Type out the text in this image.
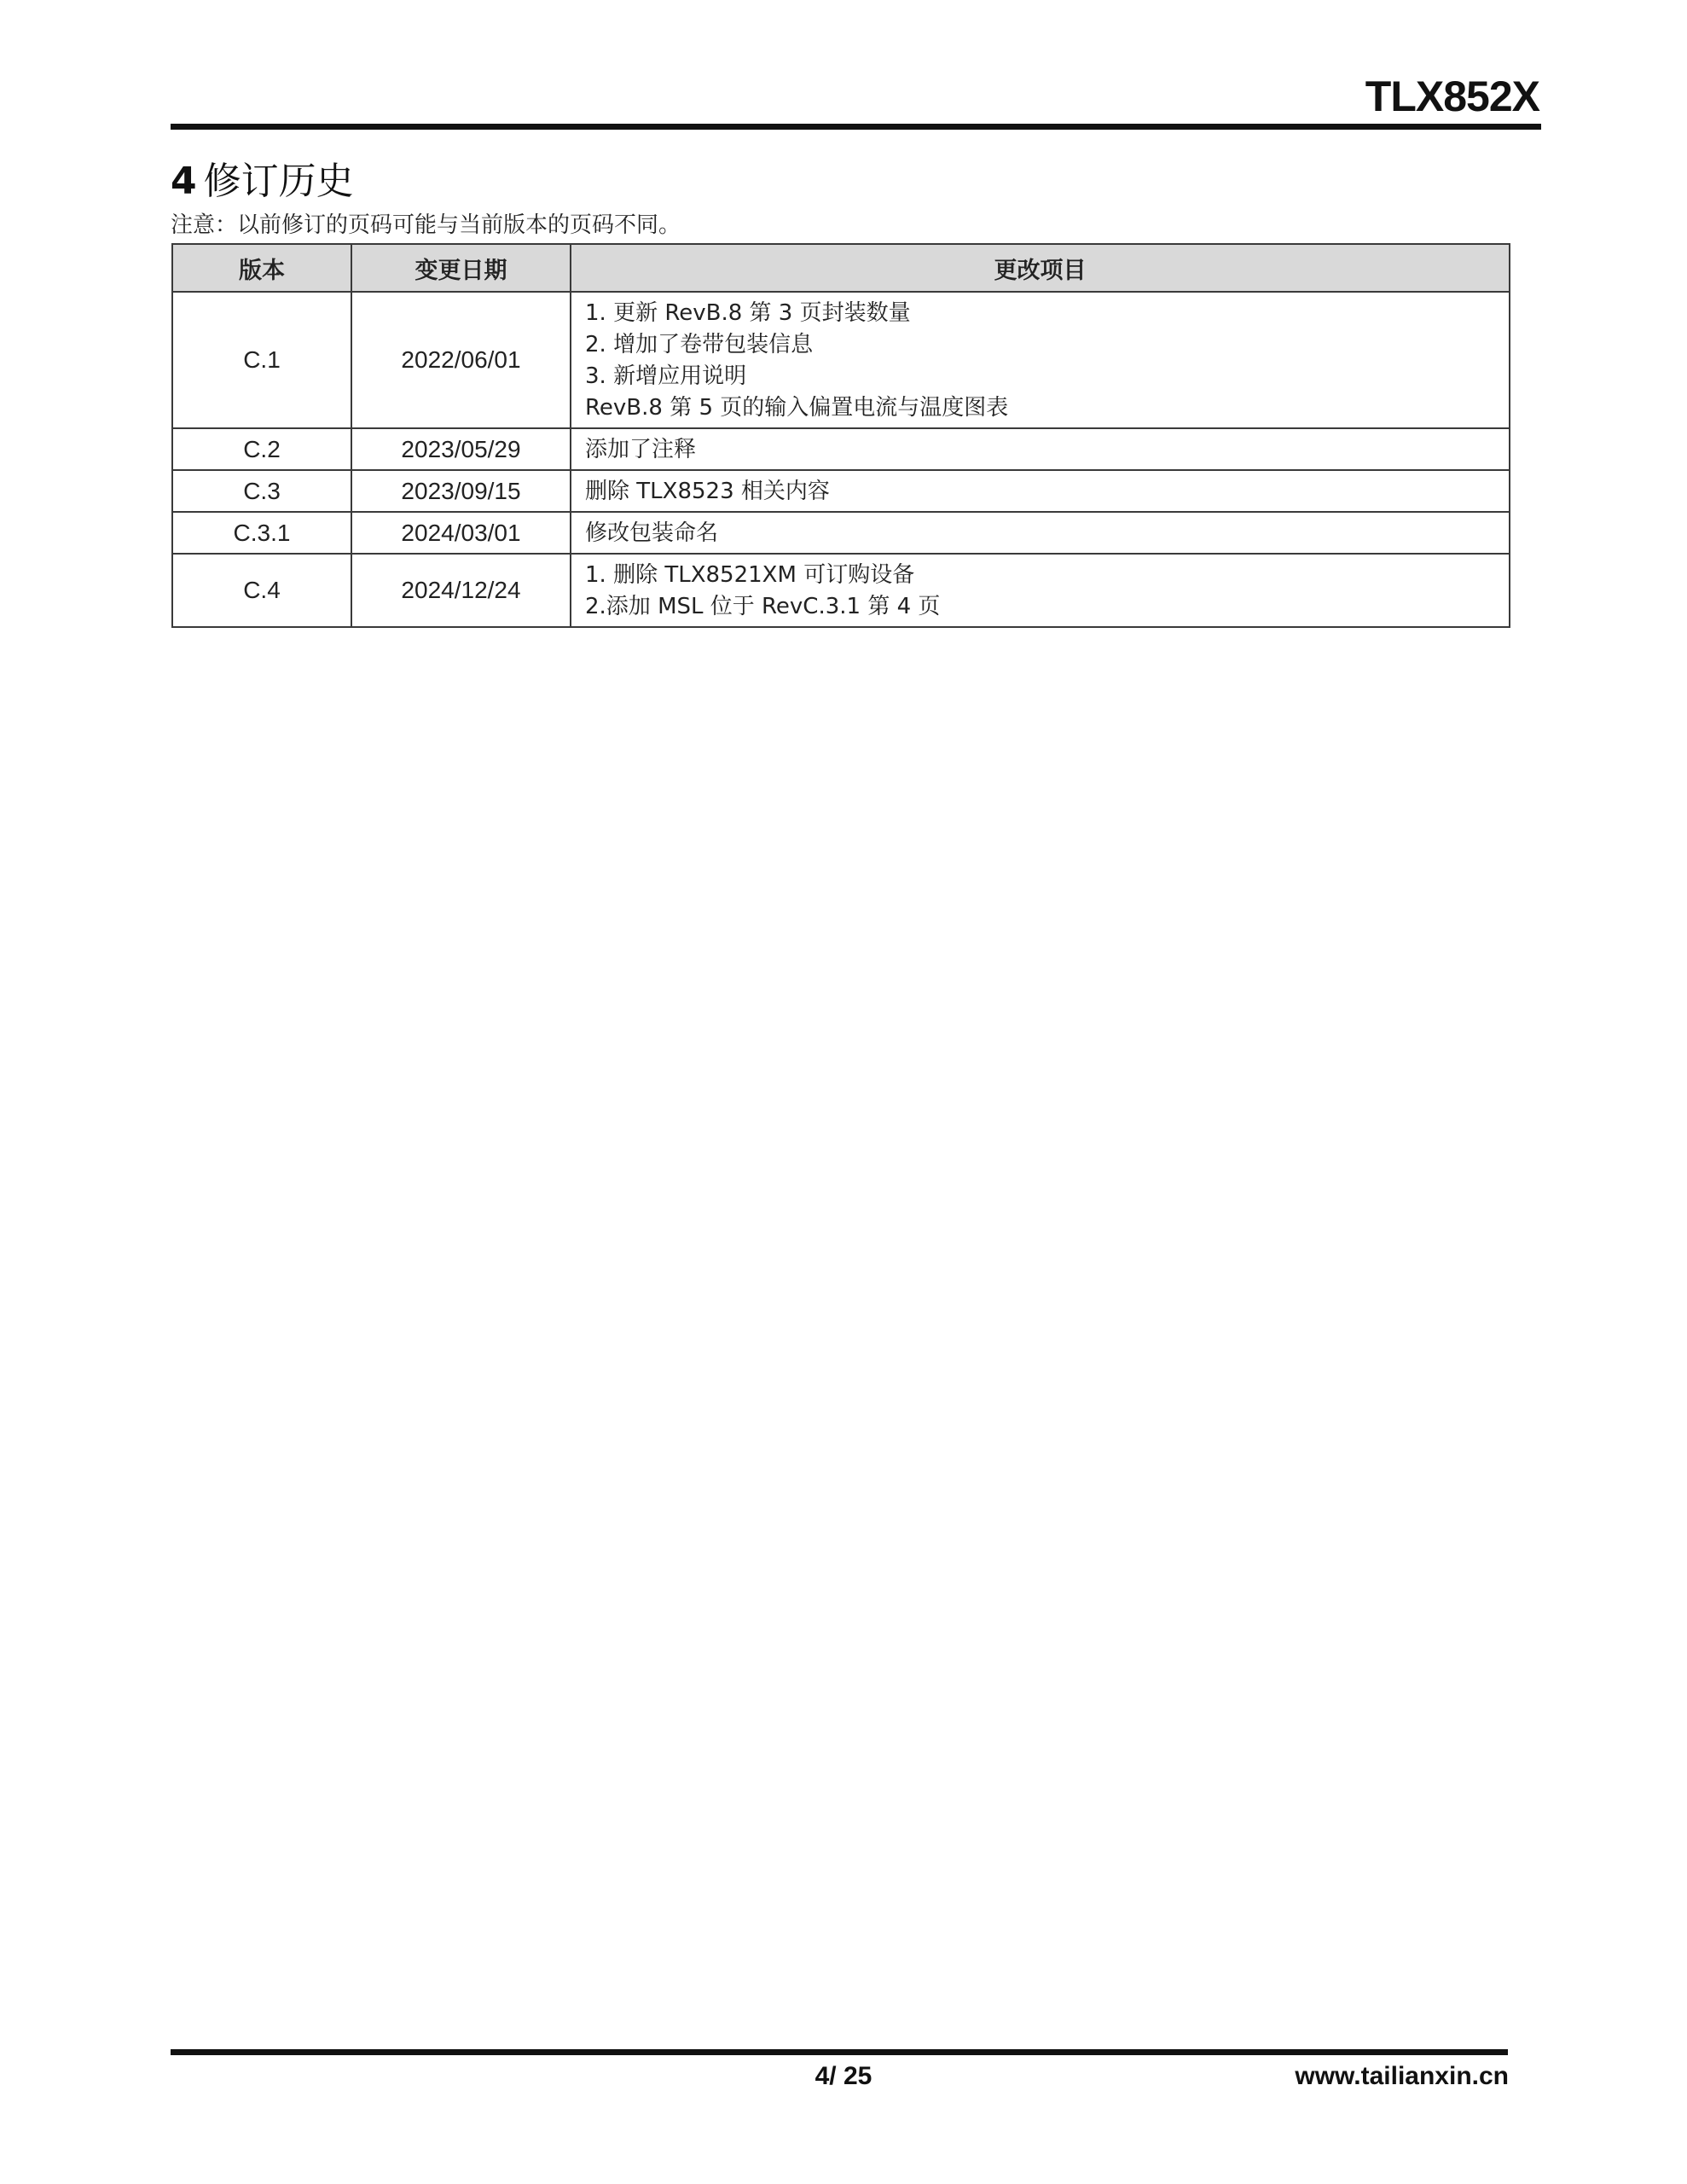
TLX852X
4 修订历史
注意：以前修订的页码可能与当前版本的页码不同。
版本	变更日期	更改项目
C.1	2022/06/01	1. 更新 RevB.8 第 3 页封装数量
2. 增加了卷带包装信息
3. 新增应用说明
RevB.8 第 5 页的输入偏置电流与温度图表

C.2	2023/05/29	添加了注释

C.3	2023/09/15	删除 TLX8523 相关内容

C.3.1	2024/03/01	修改包装命名

C.4	2024/12/24	1. 删除 TLX8521XM 可订购设备
2.添加 MSL 位于 RevC.3.1 第 4 页
4/ 25	www.tailianxin.cn
